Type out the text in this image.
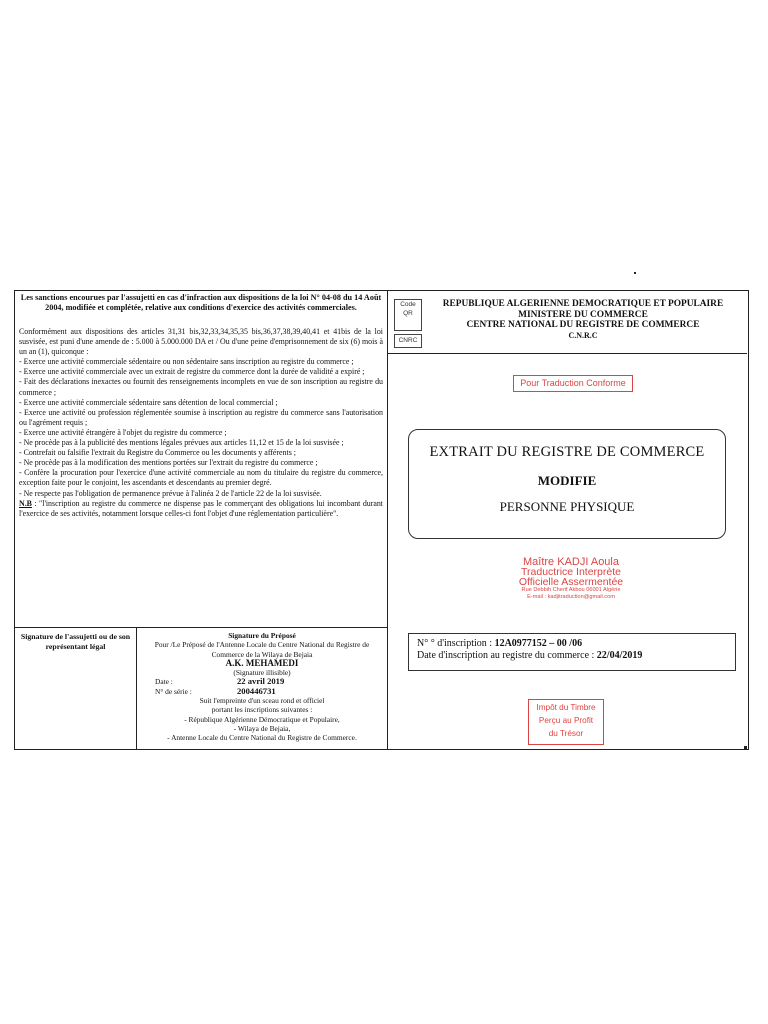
Les sanctions encourues par l'assujetti en cas d'infraction aux dispositions de la loi N° 04-08 du 14 Août 2004, modifiée et complétée, relative aux conditions d'exercice des activités commerciales.

Conformément aux dispositions des articles 31,31 bis,32,33,34,35,35 bis,36,37,38,39,40,41 et 41bis de la loi susvisée, est puni d'une amende de : 5.000 à 5.000.000 DA et / Ou d'une peine d'emprisonnement de six (6) mois à un an (1), quiconque :

- Exerce une activité commerciale sédentaire ou non sédentaire sans inscription au registre du commerce ;

- Exerce une activité commerciale avec un extrait de registre du commerce dont la durée de validité a expiré ;

- Fait des déclarations inexactes ou fournit des renseignements incomplets en vue de son inscription au registre du commerce ;

- Exerce une activité commerciale sédentaire sans détention de local commercial ;

- Exerce une activité ou profession réglementée soumise à inscription au registre du commerce sans l'autorisation ou l'agrément requis ;

- Exerce une activité étrangère à l'objet du registre du commerce ;

- Ne procède pas à la publicité des mentions légales prévues aux articles 11,12 et 15 de la loi susvisée ;

- Contrefait ou falsifie l'extrait du Registre du Commerce ou les documents y afférents ;

- Ne procède pas à la modification des mentions portées sur l'extrait du registre du commerce ;

- Confère la procuration pour l'exercice d'une activité commerciale au nom du titulaire du registre du commerce, exception faite pour le conjoint, les ascendants et descendants au premier degré.

- Ne respecte pas l'obligation de permanence prévue à l'alinéa 2 de l'article 22 de la loi susvisée.

N.B : "l'inscription au registre du commerce ne dispense pas le commerçant des obligations lui incombant durant l'exercice de ses activités, notamment lorsque celles-ci font l'objet d'une réglementation particulière".

Signature de l'assujetti ou de son représentant légal
Signature du Préposé
Pour /Le Préposé de l'Antenne Locale du Centre National du Registre de Commerce de la Wilaya de Bejaia
A.K. MEHAMEDI
(Signature illisible)
Date :	22 avril 2019
N° de série :	200446731
Suit l'empreinte d'un sceau rond et officiel
portant les inscriptions suivantes :
- République Algérienne Démocratique et Populaire,
- Wilaya de Bejaia,
- Antenne Locale du Centre National du Registre de Commerce.
Code QR
CNRC
REPUBLIQUE ALGERIENNE DEMOCRATIQUE ET POPULAIRE
MINISTERE DU COMMERCE
CENTRE NATIONAL DU REGISTRE DE COMMERCE
C.N.R.C
Pour Traduction Conforme
EXTRAIT DU REGISTRE DE COMMERCE
MODIFIE
PERSONNE PHYSIQUE
Maître KADJI Aoula
Traductrice Interprète
Officielle Assermentée
Rue Debbih Cherif Akbou 06001 Algérie
E-mail : kadjitraduction@gmail.com
N° ° d'inscription : 12A0977152 – 00 /06
Date d'inscription au registre du commerce : 22/04/2019
Impôt du Timbre
Perçu au Profit
du Trésor
